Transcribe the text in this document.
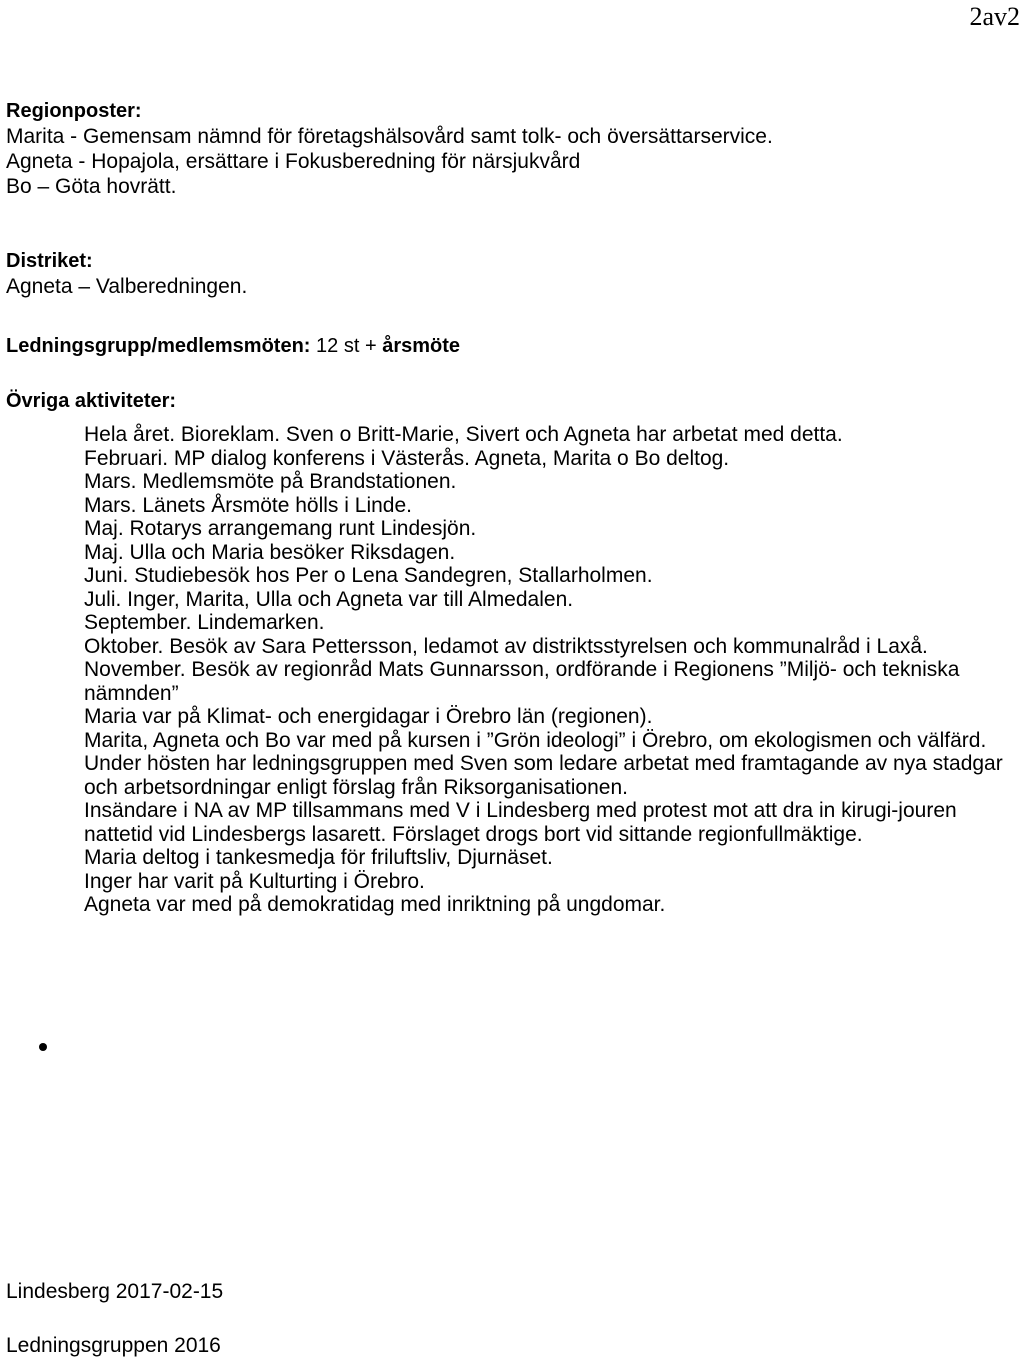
2av2
Regionposter:
Marita - Gemensam nämnd för företagshälsovård samt tolk- och översättarservice.
Agneta - Hopajola, ersättare i Fokusberedning för närsjukvård
Bo – Göta hovrätt.
Distriket:
Agneta – Valberedningen.
Ledningsgrupp/medlemsmöten: 12 st + årsmöte
Övriga aktiviteter:
Hela året. Bioreklam. Sven o Britt-Marie, Sivert och Agneta har arbetat med detta.
Februari. MP dialog konferens i Västerås. Agneta, Marita o Bo deltog.
Mars. Medlemsmöte på Brandstationen.
Mars. Länets Årsmöte hölls i Linde.
Maj. Rotarys arrangemang runt Lindesjön.
Maj. Ulla och Maria besöker Riksdagen.
Juni. Studiebesök hos Per o Lena Sandegren, Stallarholmen.
Juli. Inger, Marita, Ulla och Agneta var till Almedalen.
September. Lindemarken.
Oktober. Besök av Sara Pettersson, ledamot av distriktsstyrelsen och kommunalråd i Laxå.
November. Besök av regionråd Mats Gunnarsson, ordförande i Regionens ”Miljö- och tekniska nämnden”
Maria var på Klimat- och energidagar i Örebro län (regionen).
Marita, Agneta och Bo var med på kursen i ”Grön ideologi” i Örebro, om ekologismen och välfärd.
Under hösten har ledningsgruppen med Sven som ledare arbetat med framtagande av nya stadgar och arbetsordningar enligt förslag från Riksorganisationen.
Insändare i NA av MP tillsammans med V i Lindesberg med protest mot att dra in kirugi-jouren nattetid vid Lindesbergs lasarett. Förslaget drogs bort vid sittande regionfullmäktige.
Maria deltog i tankesmedja för friluftsliv, Djurnäset.
Inger har varit på Kulturting i Örebro.
Agneta var med på demokratidag med inriktning på ungdomar.
Lindesberg 2017-02-15
Ledningsgruppen 2016
